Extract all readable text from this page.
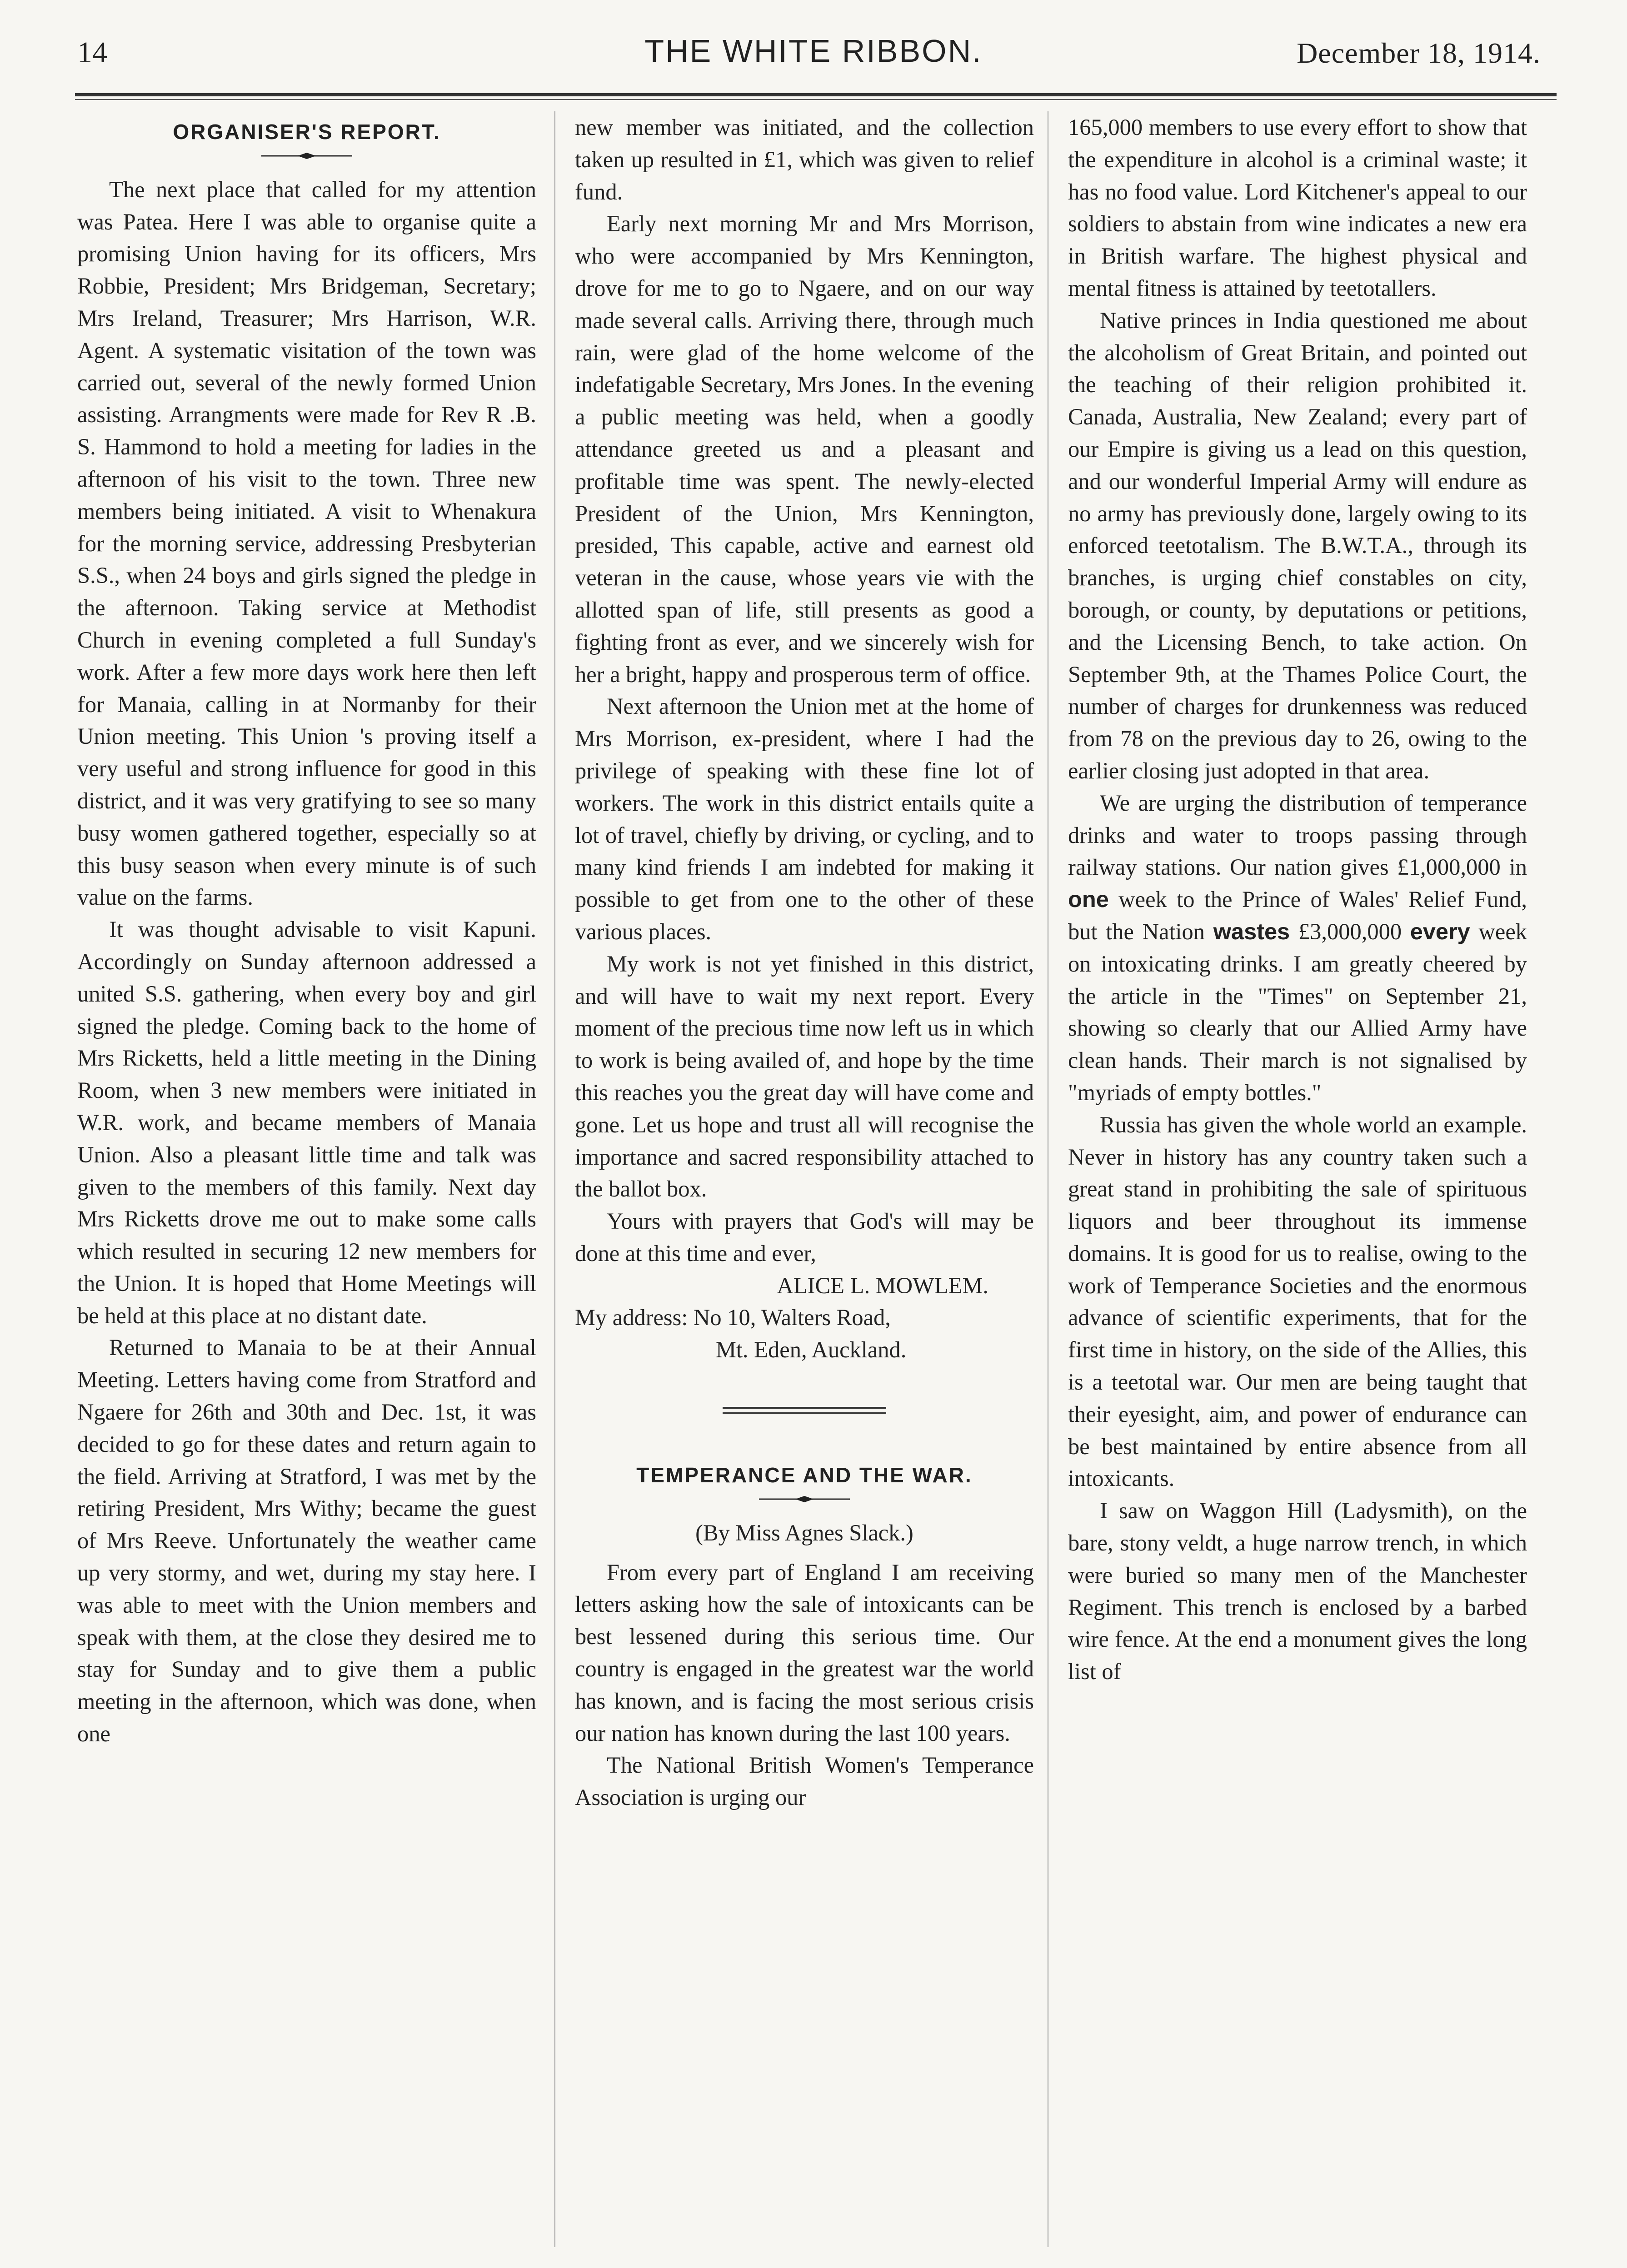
14	THE WHITE RIBBON.	December 18, 1914.
ORGANISER'S REPORT.

The next place that called for my attention was Patea. Here I was able to organise quite a promising Union having for its officers, Mrs Robbie, President; Mrs Bridgeman, Secretary; Mrs Ireland, Treasurer; Mrs Harrison, W.R. Agent. A systematic visitation of the town was carried out, several of the newly formed Union assisting. Arrangments were made for Rev R .B. S. Hammond to hold a meeting for ladies in the afternoon of his visit to the town. Three new members being initiated. A visit to Whenakura for the morning service, addressing Presbyterian S.S., when 24 boys and girls signed the pledge in the afternoon. Taking service at Methodist Church in evening completed a full Sunday's work. After a few more days work here then left for Manaia, calling in at Normanby for their Union meeting. This Union 's proving itself a very useful and strong influence for good in this district, and it was very gratifying to see so many busy women gathered together, especially so at this busy season when every minute is of such value on the farms.

It was thought advisable to visit Kapuni. Accordingly on Sunday afternoon addressed a united S.S. gathering, when every boy and girl signed the pledge. Coming back to the home of Mrs Ricketts, held a little meeting in the Dining Room, when 3 new members were initiated in W.R. work, and became members of Manaia Union. Also a pleasant little time and talk was given to the members of this family. Next day Mrs Ricketts drove me out to make some calls which resulted in securing 12 new members for the Union. It is hoped that Home Meetings will be held at this place at no distant date.

Returned to Manaia to be at their Annual Meeting. Letters having come from Stratford and Ngaere for 26th and 30th and Dec. 1st, it was decided to go for these dates and return again to the field. Arriving at Stratford, I was met by the retiring President, Mrs Withy; became the guest of Mrs Reeve. Unfortunately the weather came up very stormy, and wet, during my stay here. I was able to meet with the Union members and speak with them, at the close they desired me to stay for Sunday and to give them a public meeting in the afternoon, which was done, when one

new member was initiated, and the collection taken up resulted in £1, which was given to relief fund.

Early next morning Mr and Mrs Morrison, who were accompanied by Mrs Kennington, drove for me to go to Ngaere, and on our way made several calls. Arriving there, through much rain, were glad of the home welcome of the indefatigable Secretary, Mrs Jones. In the evening a public meeting was held, when a goodly attendance greeted us and a pleasant and profitable time was spent. The newly-elected President of the Union, Mrs Kennington, presided, This capable, active and earnest old veteran in the cause, whose years vie with the allotted span of life, still presents as good a fighting front as ever, and we sincerely wish for her a bright, happy and prosperous term of office.

Next afternoon the Union met at the home of Mrs Morrison, ex-president, where I had the privilege of speaking with these fine lot of workers. The work in this district entails quite a lot of travel, chiefly by driving, or cycling, and to many kind friends I am indebted for making it possible to get from one to the other of these various places.

My work is not yet finished in this district, and will have to wait my next report. Every moment of the precious time now left us in which to work is being availed of, and hope by the time this reaches you the great day will have come and gone. Let us hope and trust all will recognise the importance and sacred responsibility attached to the ballot box.

Yours with prayers that God's will may be done at this time and ever,

ALICE L. MOWLEM.

My address: No 10, Walters Road,

Mt. Eden, Auckland.

TEMPERANCE AND THE WAR.

(By Miss Agnes Slack.)

From every part of England I am receiving letters asking how the sale of intoxicants can be best lessened during this serious time. Our country is engaged in the greatest war the world has known, and is facing the most serious crisis our nation has known during the last 100 years.

The National British Women's Temperance Association is urging our

165,000 members to use every effort to show that the expenditure in alcohol is a criminal waste; it has no food value. Lord Kitchener's appeal to our soldiers to abstain from wine indicates a new era in British warfare. The highest physical and mental fitness is attained by teetotallers.

Native princes in India questioned me about the alcoholism of Great Britain, and pointed out the teaching of their religion prohibited it. Canada, Australia, New Zealand; every part of our Empire is giving us a lead on this question, and our wonderful Imperial Army will endure as no army has previously done, largely owing to its enforced teetotalism. The B.W.T.A., through its branches, is urging chief constables on city, borough, or county, by deputations or petitions, and the Licensing Bench, to take action. On September 9th, at the Thames Police Court, the number of charges for drunkenness was reduced from 78 on the previous day to 26, owing to the earlier closing just adopted in that area.

We are urging the distribution of temperance drinks and water to troops passing through railway stations. Our nation gives £1,000,000 in one week to the Prince of Wales' Relief Fund, but the Nation wastes £3,000,000 every week on intoxicating drinks. I am greatly cheered by the article in the "Times" on September 21, showing so clearly that our Allied Army have clean hands. Their march is not signalised by "myriads of empty bottles."

Russia has given the whole world an example. Never in history has any country taken such a great stand in prohibiting the sale of spirituous liquors and beer throughout its immense domains. It is good for us to realise, owing to the work of Temperance Societies and the enormous advance of scientific experiments, that for the first time in history, on the side of the Allies, this is a teetotal war. Our men are being taught that their eyesight, aim, and power of endurance can be best maintained by entire absence from all intoxicants.

I saw on Waggon Hill (Ladysmith), on the bare, stony veldt, a huge narrow trench, in which were buried so many men of the Manchester Regiment. This trench is enclosed by a barbed wire fence. At the end a monument gives the long list of
